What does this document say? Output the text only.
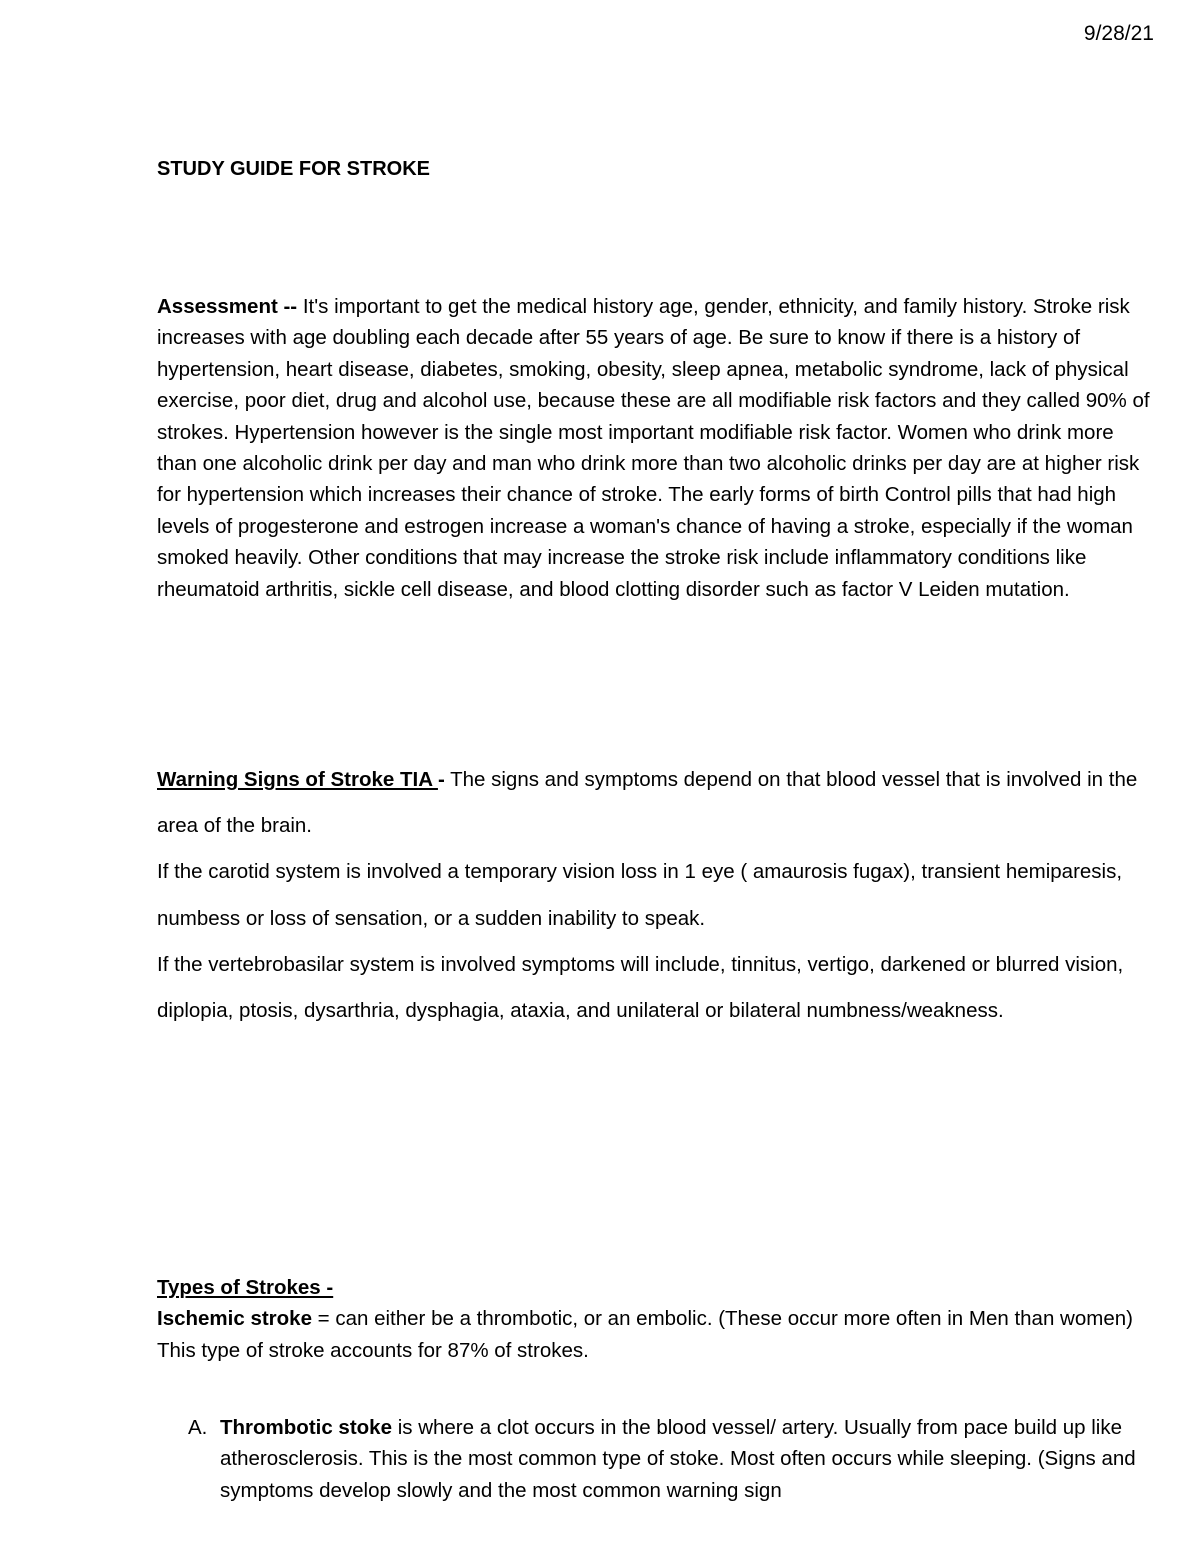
9/28/21
STUDY GUIDE FOR STROKE

Assessment -- It's important to get the medical history age, gender, ethnicity, and family history. Stroke risk increases with age doubling each decade after 55 years of age. Be sure to know if there is a history of hypertension, heart disease, diabetes, smoking, obesity, sleep apnea, metabolic syndrome, lack of physical exercise, poor diet, drug and alcohol use, because these are all modifiable risk factors and they called 90% of strokes. Hypertension however is the single most important modifiable risk factor. Women who drink more than one alcoholic drink per day and man who drink more than two alcoholic drinks per day are at higher risk for hypertension which increases their chance of stroke. The early forms of birth Control pills that had high levels of progesterone and estrogen increase a woman's chance of having a stroke, especially if the woman smoked heavily. Other conditions that may increase the stroke risk include inflammatory conditions like rheumatoid arthritis, sickle cell disease, and blood clotting disorder such as factor V Leiden mutation.

Warning Signs of Stroke TIA - The signs and symptoms depend on that blood vessel that is involved in the area of the brain.

If the carotid system is involved a temporary vision loss in 1 eye ( amaurosis fugax), transient hemiparesis, numbess or loss of sensation, or a sudden inability to speak.

If the vertebrobasilar system is involved symptoms will include, tinnitus, vertigo, darkened or blurred vision, diplopia, ptosis, dysarthria, dysphagia, ataxia, and unilateral or bilateral numbness/weakness.

Types of Strokes -

Ischemic stroke = can either be a thrombotic, or an embolic. (These occur more often in Men than women) This type of stroke accounts for 87% of strokes.

A. Thrombotic stoke is where a clot occurs in the blood vessel/ artery. Usually from pace build up like atherosclerosis. This is the most common type of stoke. Most often occurs while sleeping. (Signs and symptoms develop slowly and the most common warning sign
